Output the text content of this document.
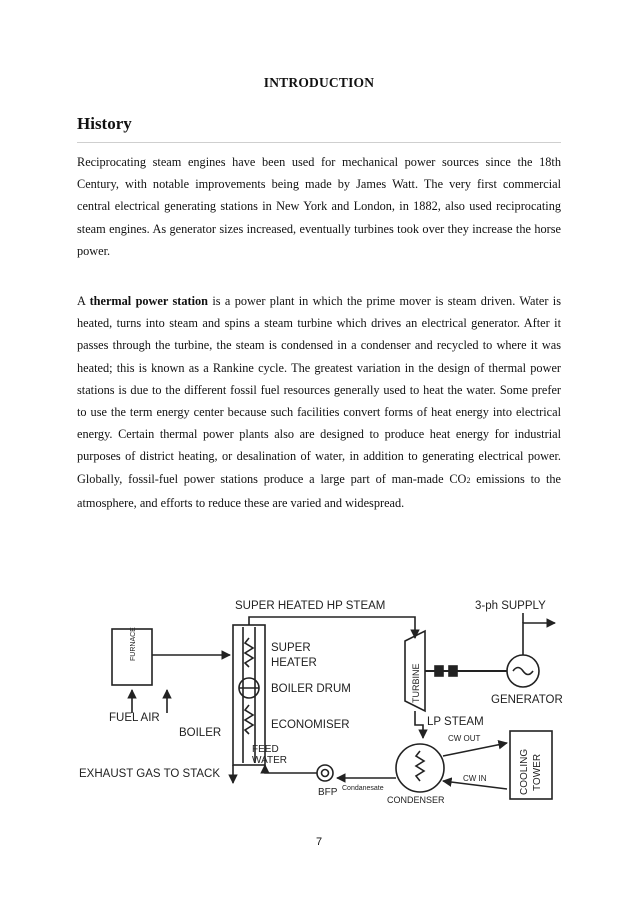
INTRODUCTION
History

Reciprocating steam engines have been used for mechanical power sources since the 18th Century, with notable improvements being made by James Watt. The very first commercial central electrical generating stations in New York and London, in 1882, also used reciprocating steam engines. As generator sizes increased, eventually turbines took over they increase the horse power.

A thermal power station is a power plant in which the prime mover is steam driven. Water is heated, turns into steam and spins a steam turbine which drives an electrical generator. After it passes through the turbine, the steam is condensed in a condenser and recycled to where it was heated; this is known as a Rankine cycle. The greatest variation in the design of thermal power stations is due to the different fossil fuel resources generally used to heat the water. Some prefer to use the term energy center because such facilities convert forms of heat energy into electrical energy. Certain thermal power plants also are designed to produce heat energy for industrial purposes of district heating, or desalination of water, in addition to generating electrical power. Globally, fossil-fuel power stations produce a large part of man-made CO2 emissions to the atmosphere, and efforts to reduce these are varied and widespread.

SUPER HEATED HP STEAM	3-ph SUPPLY
FURNACE	SUPER
HEATER
BOILER DRUM	TURBINE	GENERATOR
FUEL AIR
BOILER
ECONOMISER	LP STEAM
FEED
WATER
CW OUT
CW IN	COOLING TOWER
EXHAUST GAS TO STACK
BFP Condanesate
CONDENSER
7
